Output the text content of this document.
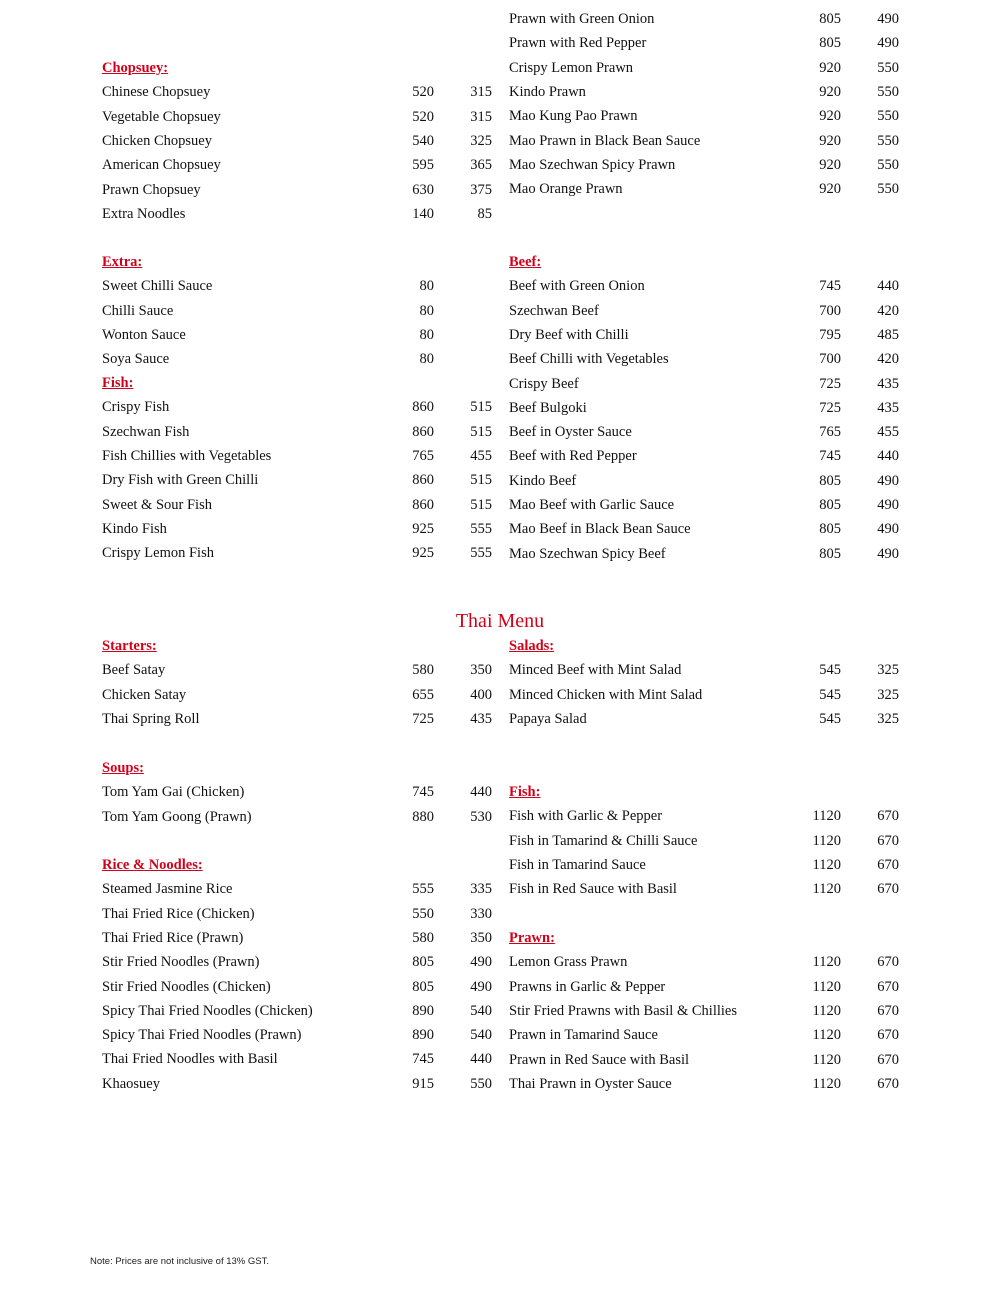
Chopsuey:
Chinese Chopsuey	520	315
Vegetable Chopsuey	520	315
Chicken Chopsuey	540	325
American Chopsuey	595	365
Prawn Chopsuey	630	375
Extra Noodles	140	85
Extra:
Sweet Chilli Sauce	80
Chilli Sauce	80
Wonton Sauce	80
Soya Sauce	80
Fish:
Crispy Fish	860	515
Szechwan Fish	860	515
Fish Chillies with Vegetables	765	455
Dry Fish with Green Chilli	860	515
Sweet & Sour Fish	860	515
Kindo Fish	925	555
Crispy Lemon Fish	925	555
Prawn with Green Onion	805	490
Prawn with Red Pepper	805	490
Crispy Lemon Prawn	920	550
Kindo Prawn	920	550
Mao Kung Pao Prawn	920	550
Mao Prawn in Black Bean Sauce	920	550
Mao Szechwan Spicy Prawn	920	550
Mao Orange Prawn	920	550
Beef:
Beef with Green Onion	745	440
Szechwan Beef	700	420
Dry Beef with Chilli	795	485
Beef Chilli with Vegetables	700	420
Crispy Beef	725	435
Beef Bulgoki	725	435
Beef in Oyster Sauce	765	455
Beef with Red Pepper	745	440
Kindo Beef	805	490
Mao Beef with Garlic Sauce	805	490
Mao Beef in Black Bean Sauce	805	490
Mao Szechwan Spicy Beef	805	490
Starters:
Beef Satay	580	350
Chicken Satay	655	400
Thai Spring Roll	725	435
Soups:
Tom Yam Gai (Chicken)	745	440
Tom Yam Goong (Prawn)	880	530
Rice & Noodles:
Steamed Jasmine Rice	555	335
Thai Fried Rice (Chicken)	550	330
Thai Fried Rice (Prawn)	580	350
Stir Fried Noodles (Prawn)	805	490
Stir Fried Noodles (Chicken)	805	490
Spicy Thai Fried Noodles (Chicken)	890	540
Spicy Thai Fried Noodles (Prawn)	890	540
Thai Fried Noodles with Basil	745	440
Khaosuey	915	550
Salads:
Minced Beef with Mint Salad	545	325
Minced Chicken with Mint Salad	545	325
Papaya Salad	545	325
Fish:
Fish with Garlic & Pepper	1120	670
Fish in Tamarind & Chilli Sauce	1120	670
Fish in Tamarind Sauce	1120	670
Fish in Red Sauce with Basil	1120	670
Prawn:
Lemon Grass Prawn	1120	670
Prawns in Garlic & Pepper	1120	670
Stir Fried Prawns with Basil & Chillies	1120	670
Prawn in Tamarind Sauce	1120	670
Prawn in Red Sauce with Basil	1120	670
Thai Prawn in Oyster Sauce	1120	670
Thai Menu
Note: Prices are not inclusive of 13% GST.
